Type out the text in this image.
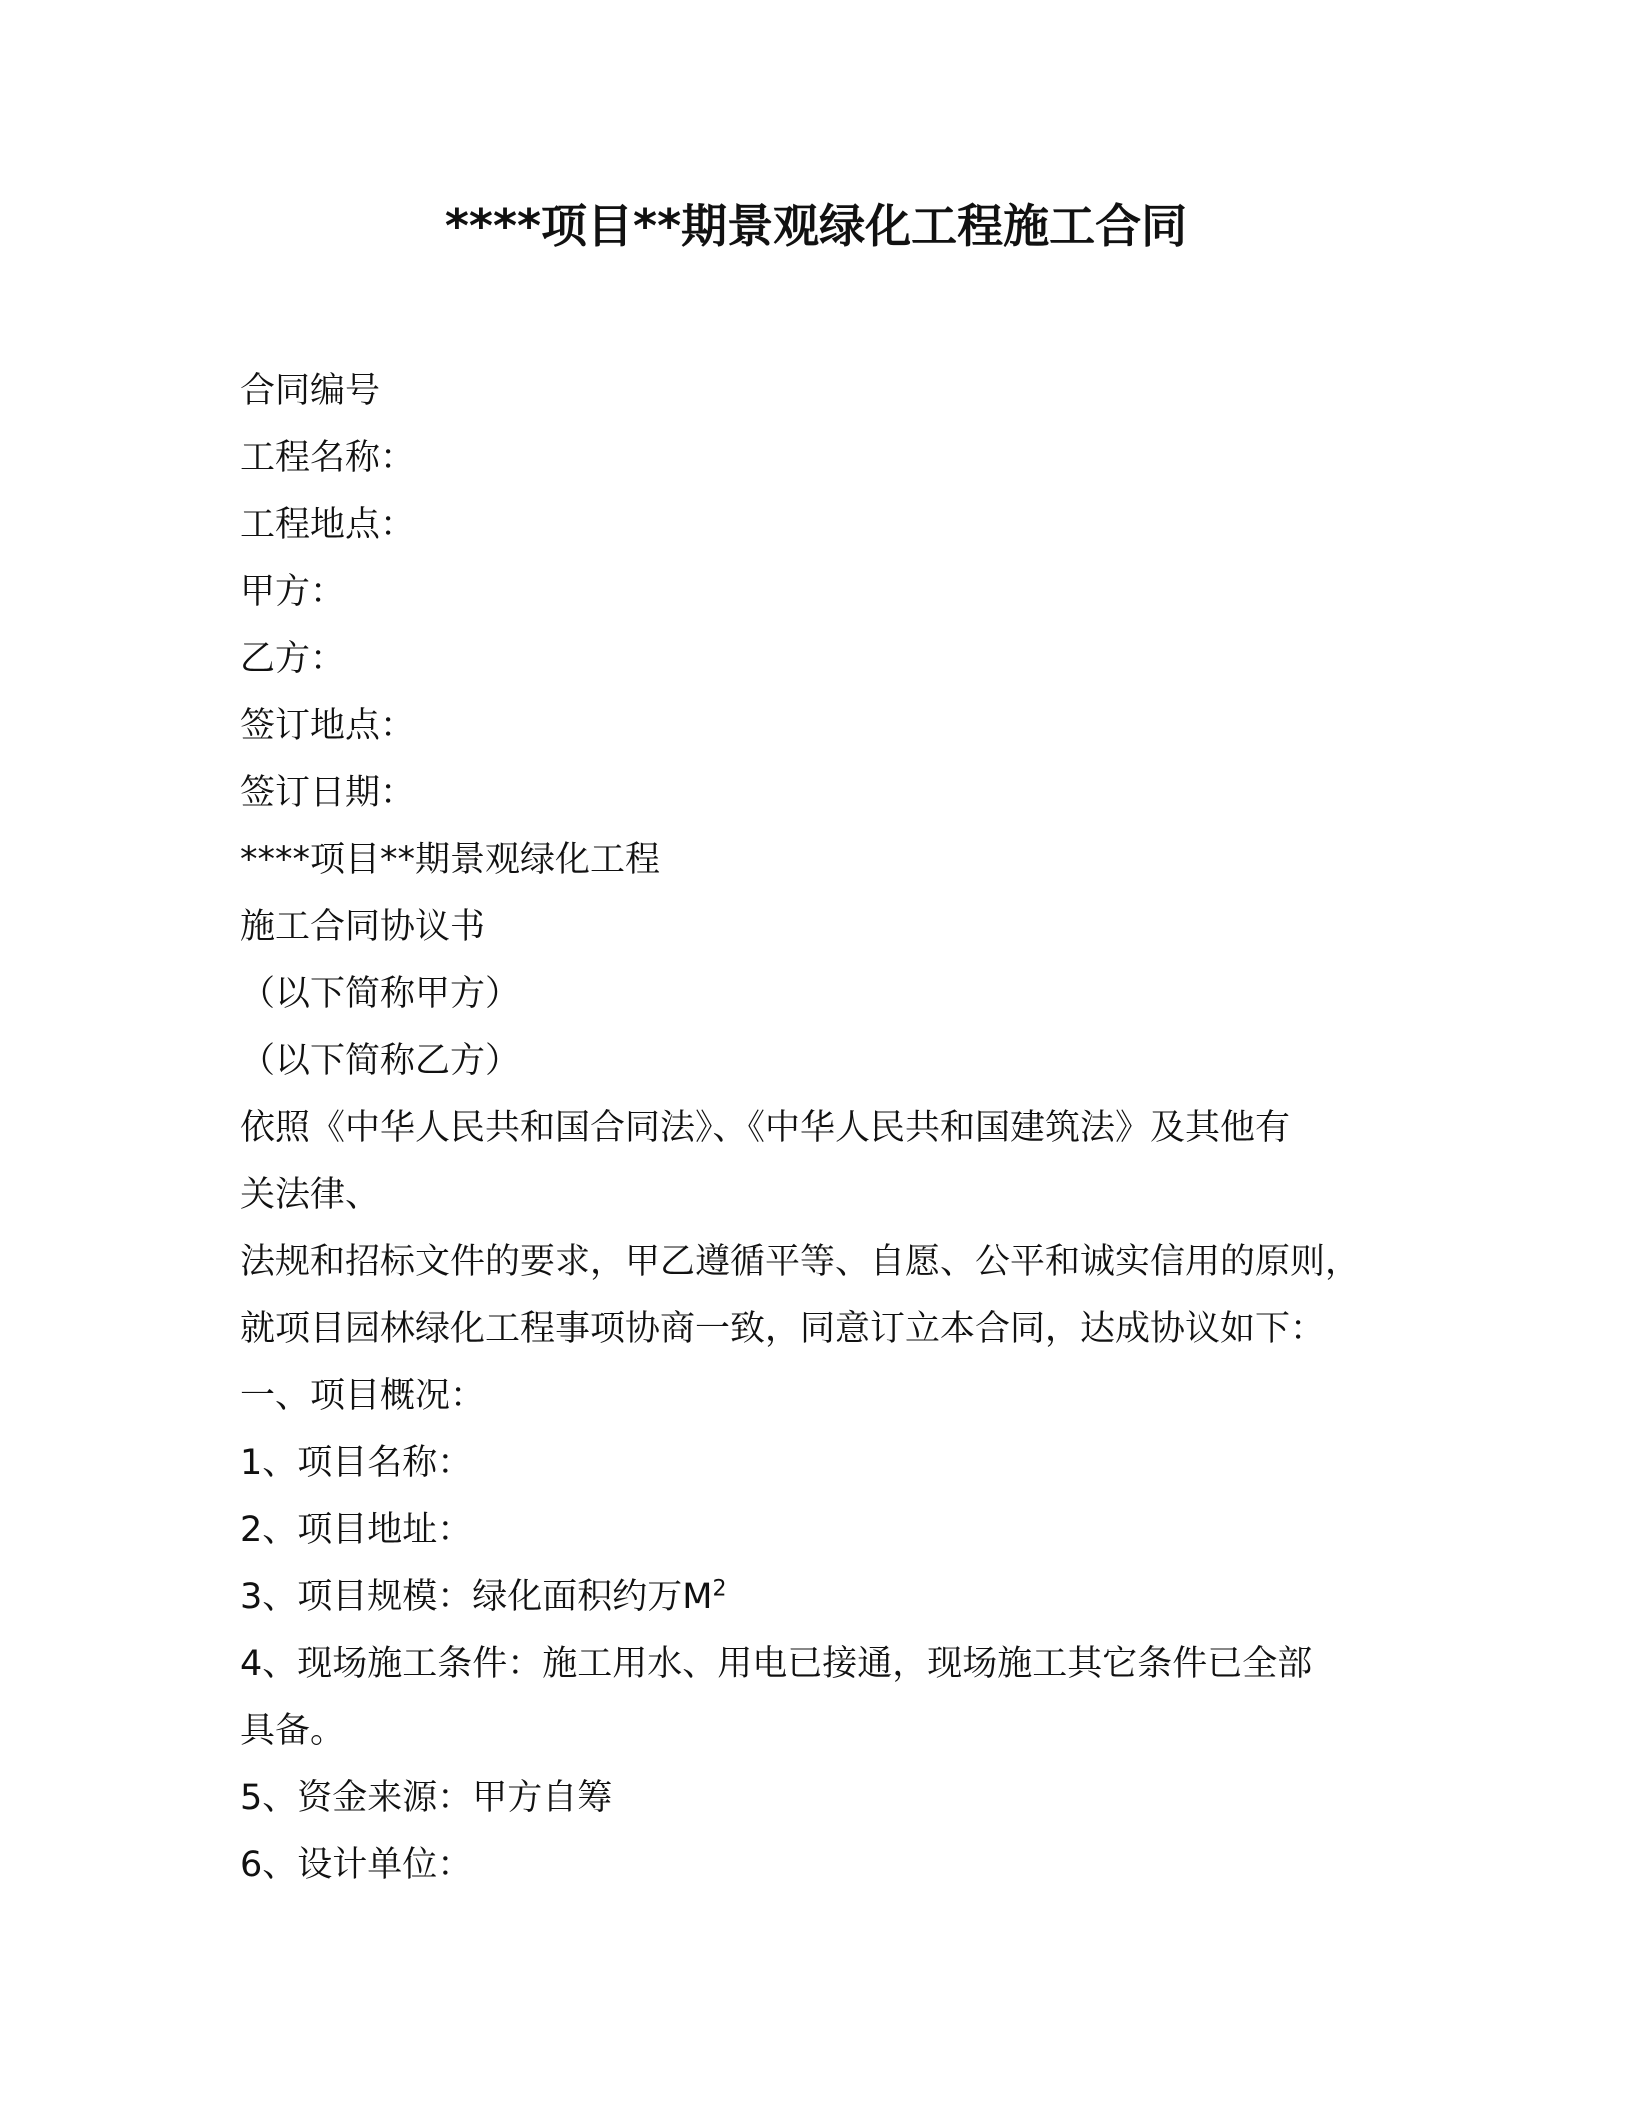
****项目**期景观绿化工程施工合同

合同编号

工程名称：

工程地点：

甲方：

乙方：

签订地点：

签订日期：

****项目**期景观绿化工程

施工合同协议书

（以下简称甲方）

（以下简称乙方）

依照《中华人民共和国合同法》、《中华人民共和国建筑法》及其他有

关法律、

法规和招标文件的要求，甲乙遵循平等、自愿、公平和诚实信用的原则，

就项目园林绿化工程事项协商一致，同意订立本合同，达成协议如下：

一、项目概况：

1、项目名称：

2、项目地址：

3、项目规模：绿化面积约万$M^2$

4、现场施工条件：施工用水、用电已接通，现场施工其它条件已全部

具备。

5、资金来源：甲方自筹

6、设计单位：
